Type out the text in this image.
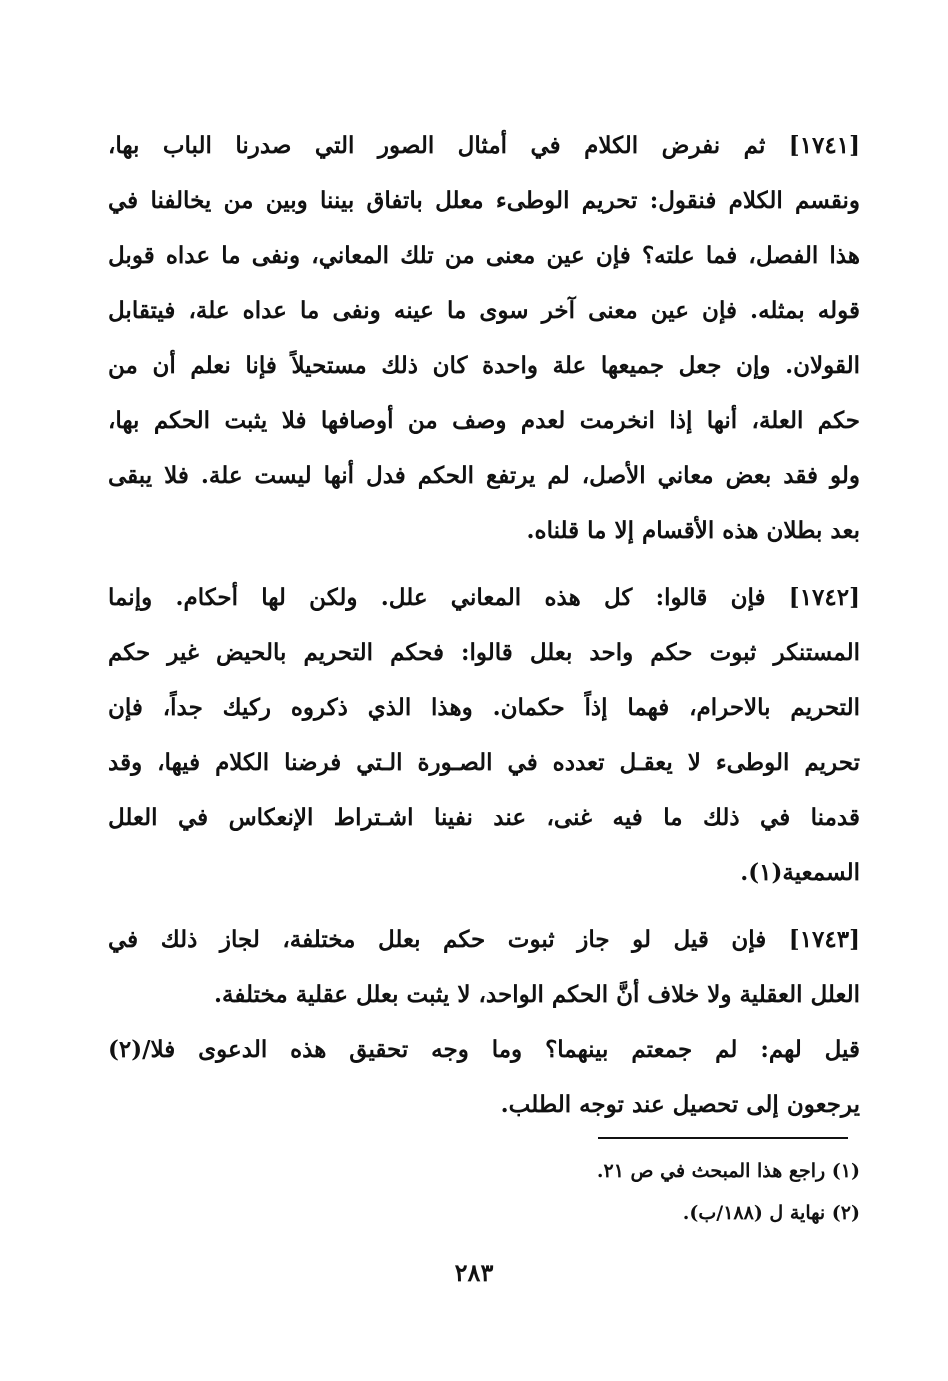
[١٧٤١] ثم نفرض الكلام في أمثال الصور التي صدرنا الباب بها،
ونقسم الكلام فنقول: تحريم الوطىء معلل باتفاق بيننا وبين من يخالفنا في
هذا الفصل، فما علته؟ فإن عين معنى من تلك المعاني، ونفى ما عداه قوبل
قوله بمثله. فإن عين معنى آخر سوى ما عينه ونفى ما عداه علة، فيتقابل
القولان. وإن جعل جميعها علة واحدة كان ذلك مستحيلاً فإنا نعلم أن من
حكم العلة، أنها إذا انخرمت لعدم وصف من أوصافها فلا يثبت الحكم بها،
ولو فقد بعض معاني الأصل، لم يرتفع الحكم فدل أنها ليست علة. فلا يبقى
بعد بطلان هذه الأقسام إلا ما قلناه.
[١٧٤٢] فإن قالوا: كل هذه المعاني علل. ولكن لها أحكام. وإنما
المستنكر ثبوت حكم واحد بعلل قالوا: فحكم التحريم بالحيض غير حكم
التحريم بالاحرام، فهما إذاً حكمان. وهذا الذي ذكروه ركيك جداً، فإن
تحريم الوطىء لا يعقـل تعدده في الصـورة الـتي فرضنا الكلام فيها، وقد
قدمنا في ذلك ما فيه غنى، عند نفينا اشـتراط الإنعكاس في العلل
السمعية(١).
[١٧٤٣] فإن قيل لو جاز ثبوت حكم بعلل مختلفة، لجاز ذلك في
العلل العقلية ولا خلاف أنَّ الحكم الواحد، لا يثبت بعلل عقلية مختلفة.
قيل لهم: لم جمعتم بينهما؟ وما وجه تحقيق هذه الدعوى فلا/(٢)
يرجعون إلى تحصيل عند توجه الطلب.
(١) راجع هذا المبحث في ص ٢١.
(٢) نهاية ل (١٨٨/ب).
٢٨٣
